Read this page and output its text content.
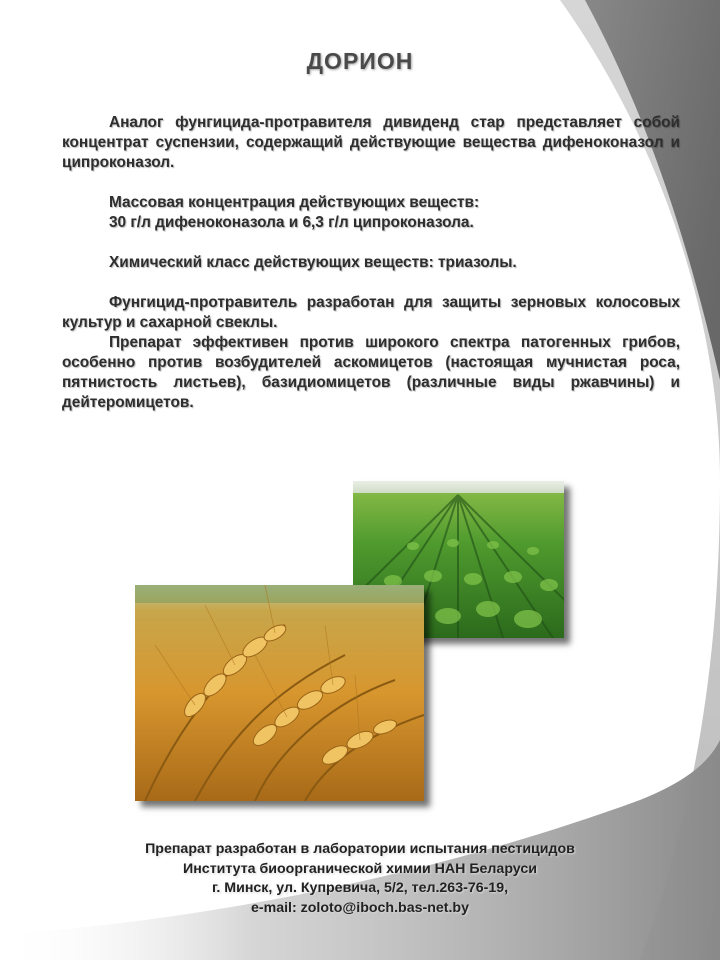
ДОРИОН

Аналог фунгицида-протравителя дивиденд стар представляет собой концентрат суспензии, содержащий действующие вещества дифеноконазол и ципроконазол.

Массовая концентрация действующих веществ:

30 г/л дифеноконазола и 6,3 г/л ципроконазола.

Химический класс действующих веществ: триазолы.

Фунгицид-протравитель разработан для защиты зерновых колосовых культур и сахарной свеклы.

Препарат эффективен против широкого спектра патогенных грибов, особенно против возбудителей аскомицетов (настоящая мучнистая роса, пятнистость листьев), базидиомицетов (различные виды ржавчины) и дейтеромицетов.

Препарат разработан в лаборатории испытания пестицидов
Института биоорганической химии НАН Беларуси
г. Минск, ул. Купревича, 5/2, тел.263-76-19,
e-mail: zoloto@iboch.bas-net.by
